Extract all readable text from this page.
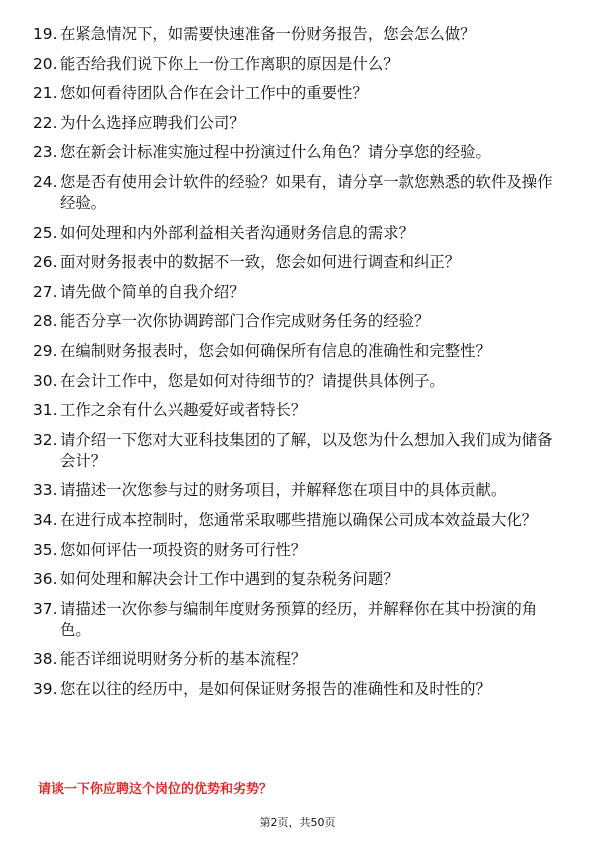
19. 在紧急情况下，如需要快速准备一份财务报告，您会怎么做？
20. 能否给我们说下你上一份工作离职的原因是什么？
21. 您如何看待团队合作在会计工作中的重要性？
22. 为什么选择应聘我们公司？
23. 您在新会计标准实施过程中扮演过什么角色？请分享您的经验。
24. 您是否有使用会计软件的经验？如果有，请分享一款您熟悉的软件及操作经验。
25. 如何处理和内外部利益相关者沟通财务信息的需求？
26. 面对财务报表中的数据不一致，您会如何进行调查和纠正？
27. 请先做个简单的自我介绍？
28. 能否分享一次你协调跨部门合作完成财务任务的经验？
29. 在编制财务报表时，您会如何确保所有信息的准确性和完整性？
30. 在会计工作中，您是如何对待细节的？请提供具体例子。
31. 工作之余有什么兴趣爱好或者特长？
32. 请介绍一下您对大亚科技集团的了解，以及您为什么想加入我们成为储备会计？
33. 请描述一次您参与过的财务项目，并解释您在项目中的具体贡献。
34. 在进行成本控制时，您通常采取哪些措施以确保公司成本效益最大化？
35. 您如何评估一项投资的财务可行性？
36. 如何处理和解决会计工作中遇到的复杂税务问题？
37. 请描述一次你参与编制年度财务预算的经历，并解释你在其中扮演的角色。
38. 能否详细说明财务分析的基本流程？
39. 您在以往的经历中，是如何保证财务报告的准确性和及时性的？

请谈一下你应聘这个岗位的优势和劣势？

第2页，共50页
